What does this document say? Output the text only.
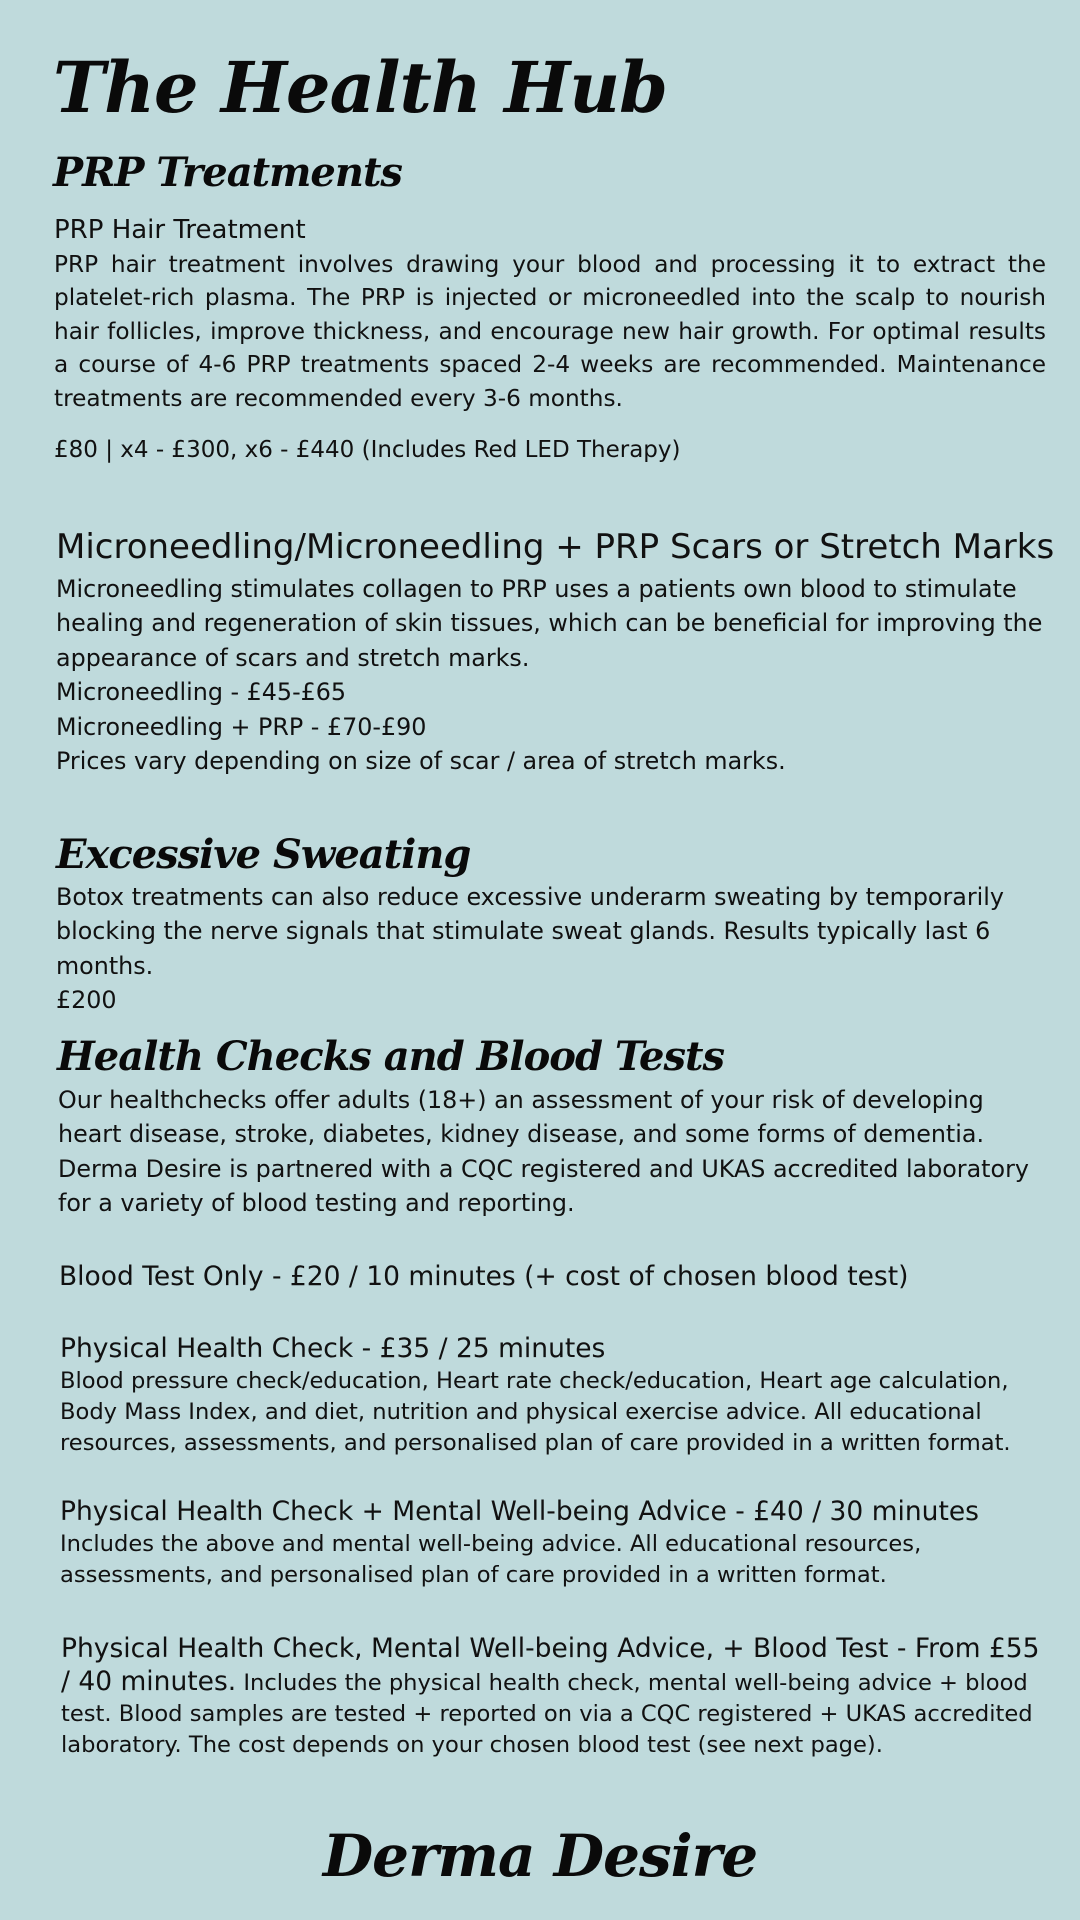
The Health Hub
PRP Treatments
PRP Hair Treatment

PRP hair treatment involves drawing your blood and processing it to extract the platelet-rich plasma. The PRP is injected or microneedled into the scalp to nourish hair follicles, improve thickness, and encourage new hair growth. For optimal results a course of 4-6 PRP treatments spaced 2-4 weeks are recommended. Maintenance treatments are recommended every 3-6 months.

£80 | x4 - £300, x6 - £440 (Includes Red LED Therapy)
Microneedling/Microneedling + PRP Scars or Stretch Marks
Microneedling stimulates collagen to PRP uses a patients own blood to stimulate
healing and regeneration of skin tissues, which can be beneficial for improving the
appearance of scars and stretch marks.
Microneedling - £45-£65
Microneedling + PRP - £70-£90
Prices vary depending on size of scar / area of stretch marks.
Excessive Sweating
Botox treatments can also reduce excessive underarm sweating by temporarily
blocking the nerve signals that stimulate sweat glands. Results typically last 6 months.
£200
Health Checks and Blood Tests

Our healthchecks offer adults (18+) an assessment of your risk of developing heart disease, stroke, diabetes, kidney disease, and some forms of dementia. Derma Desire is partnered with a CQC registered and UKAS accredited laboratory for a variety of blood testing and reporting.

Blood Test Only - £20 / 10 minutes (+ cost of chosen blood test)
Physical Health Check - £35 / 25 minutes

Blood pressure check/education, Heart rate check/education, Heart age calculation, Body Mass Index, and diet, nutrition and physical exercise advice. All educational resources, assessments, and personalised plan of care provided in a written format.

Physical Health Check + Mental Well-being Advice - £40 / 30 minutes

Includes the above and mental well-being advice. All educational resources, assessments, and personalised plan of care provided in a written format.

Physical Health Check, Mental Well-being Advice, + Blood Test - From £55 / 40 minutes. Includes the physical health check, mental well-being advice + blood test. Blood samples are tested + reported on via a CQC registered + UKAS accredited laboratory. The cost depends on your chosen blood test (see next page).

Derma Desire
